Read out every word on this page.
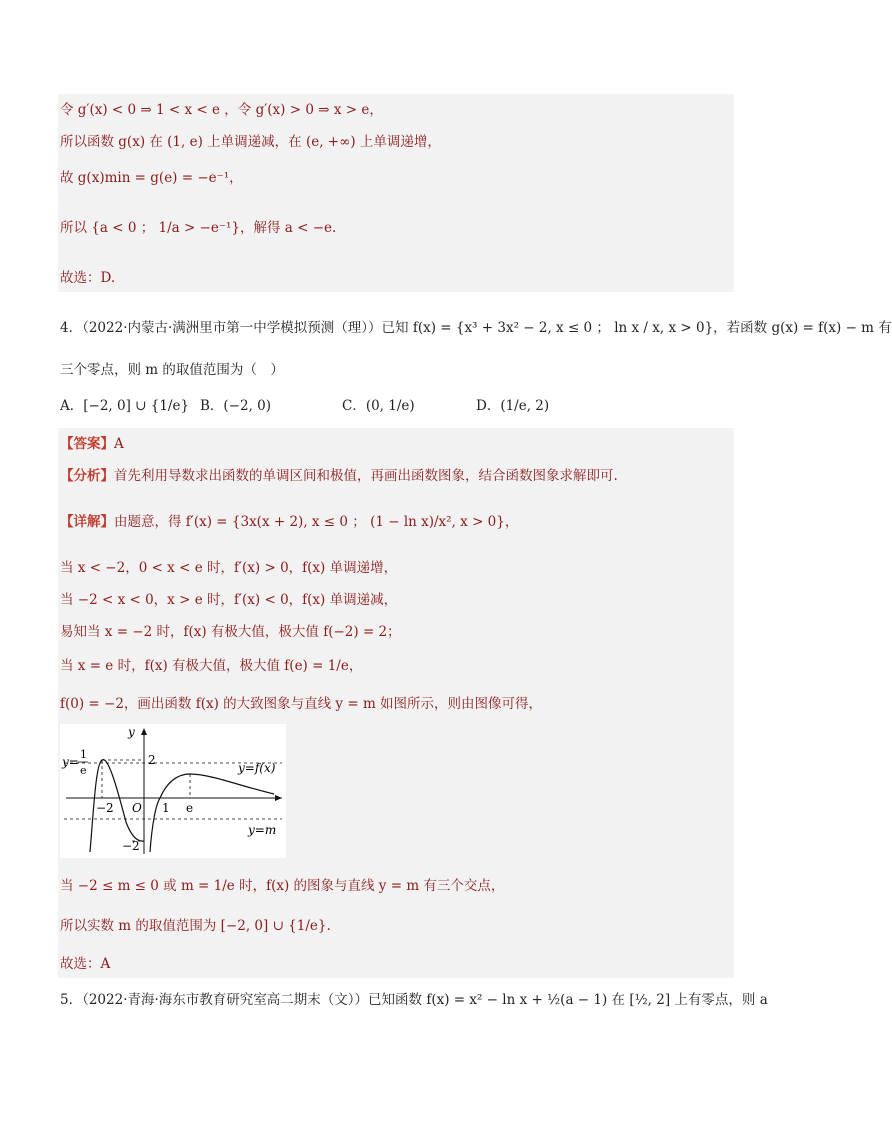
令 g′(x) < 0 ⇒ 1 < x < e ，令 g′(x) > 0 ⇒ x > e，
所以函数 g(x) 在 (1, e) 上单调递减，在 (e, +∞) 上单调递增，
故 g(x)min = g(e) = −e⁻¹，
所以 {a < 0 ； 1/a > −e⁻¹}，解得 a < −e.
故选：D.
4．（2022·内蒙古·满洲里市第一中学模拟预测（理））已知 f(x) = {x³ + 3x² − 2, x ≤ 0 ； ln x / x, x > 0}，若函数 g(x) = f(x) − m 有
三个零点，则 m 的取值范围为（　）
A．[−2, 0] ∪ {1/e} B．(−2, 0)	C．(0, 1/e)	D．(1/e, 2)
【答案】A
【分析】首先利用导数求出函数的单调区间和极值，再画出函数图象，结合函数图象求解即可.
【详解】由题意，得 f′(x) = {3x(x + 2), x ≤ 0 ； (1 − ln x)/x², x > 0}，
当 x < −2，0 < x < e 时，f′(x) > 0，f(x) 单调递增，
当 −2 < x < 0，x > e 时，f′(x) < 0，f(x) 单调递减，
易知当 x = −2 时，f(x) 有极大值，极大值 f(−2) = 2；
当 x = e 时，f(x) 有极大值，极大值 f(e) = 1/e，
f(0) = −2，画出函数 f(x) 的大致图象与直线 y = m 如图所示，则由图像可得，
y
y=
1
e
2
y=f(x)
−2 O 1 e
y=m
−2
当 −2 ≤ m ≤ 0 或 m = 1/e 时，f(x) 的图象与直线 y = m 有三个交点，
所以实数 m 的取值范围为 [−2, 0] ∪ {1/e}.
故选：A
5．（2022·青海·海东市教育研究室高二期末（文））已知函数 f(x) = x² − ln x + ½(a − 1) 在 [½, 2] 上有零点，则 a
